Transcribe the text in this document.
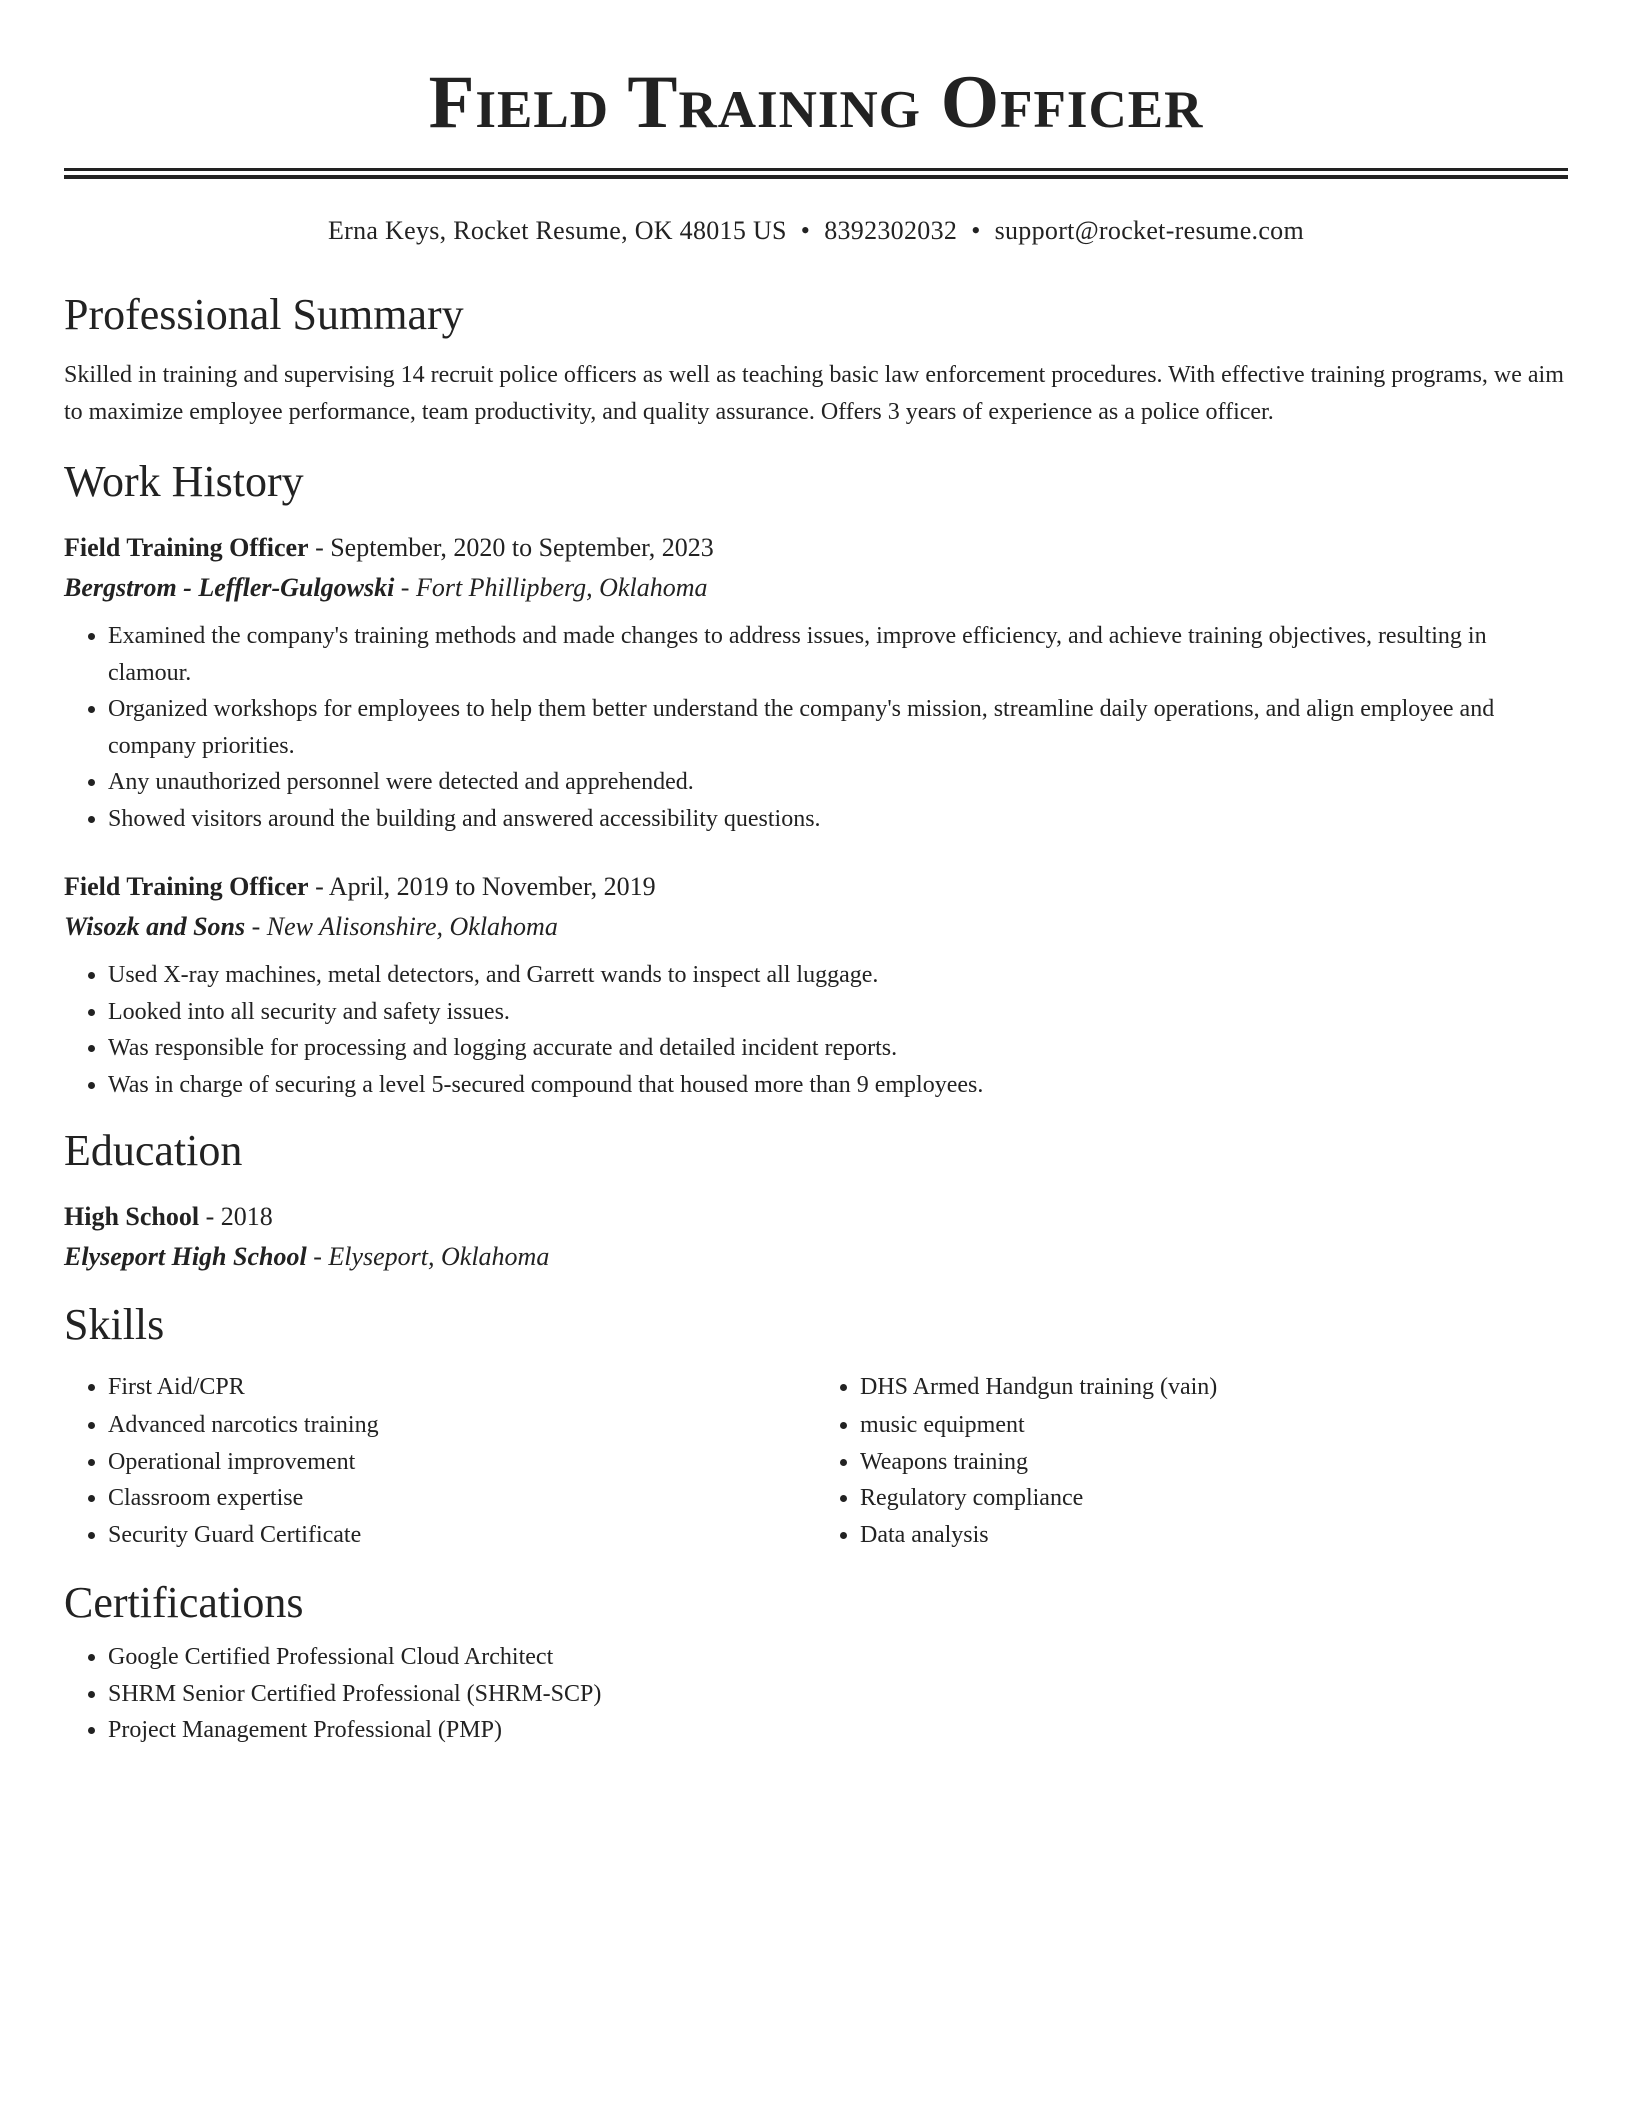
Field Training Officer
Erna Keys, Rocket Resume, OK 48015 US • 8392302032 • support@rocket-resume.com
Professional Summary

Skilled in training and supervising 14 recruit police officers as well as teaching basic law enforcement procedures. With effective training programs, we aim to maximize employee performance, team productivity, and quality assurance. Offers 3 years of experience as a police officer.

Work History
Field Training Officer - September, 2020 to September, 2023
Bergstrom - Leffler-Gulgowski - Fort Phillipberg, Oklahoma
• Examined the company's training methods and made changes to address issues, improve efficiency, and achieve training objectives, resulting in clamour.
• Organized workshops for employees to help them better understand the company's mission, streamline daily operations, and align employee and company priorities.
• Any unauthorized personnel were detected and apprehended.
• Showed visitors around the building and answered accessibility questions.
Field Training Officer - April, 2019 to November, 2019
Wisozk and Sons - New Alisonshire, Oklahoma
• Used X-ray machines, metal detectors, and Garrett wands to inspect all luggage.
• Looked into all security and safety issues.
• Was responsible for processing and logging accurate and detailed incident reports.
• Was in charge of securing a level 5-secured compound that housed more than 9 employees.
Education
High School - 2018
Elyseport High School - Elyseport, Oklahoma
Skills
• First Aid/CPR
• Advanced narcotics training
• Operational improvement
• Classroom expertise
• Security Guard Certificate
• DHS Armed Handgun training (vain)
• music equipment
• Weapons training
• Regulatory compliance
• Data analysis
Certifications
• Google Certified Professional Cloud Architect
• SHRM Senior Certified Professional (SHRM-SCP)
• Project Management Professional (PMP)
